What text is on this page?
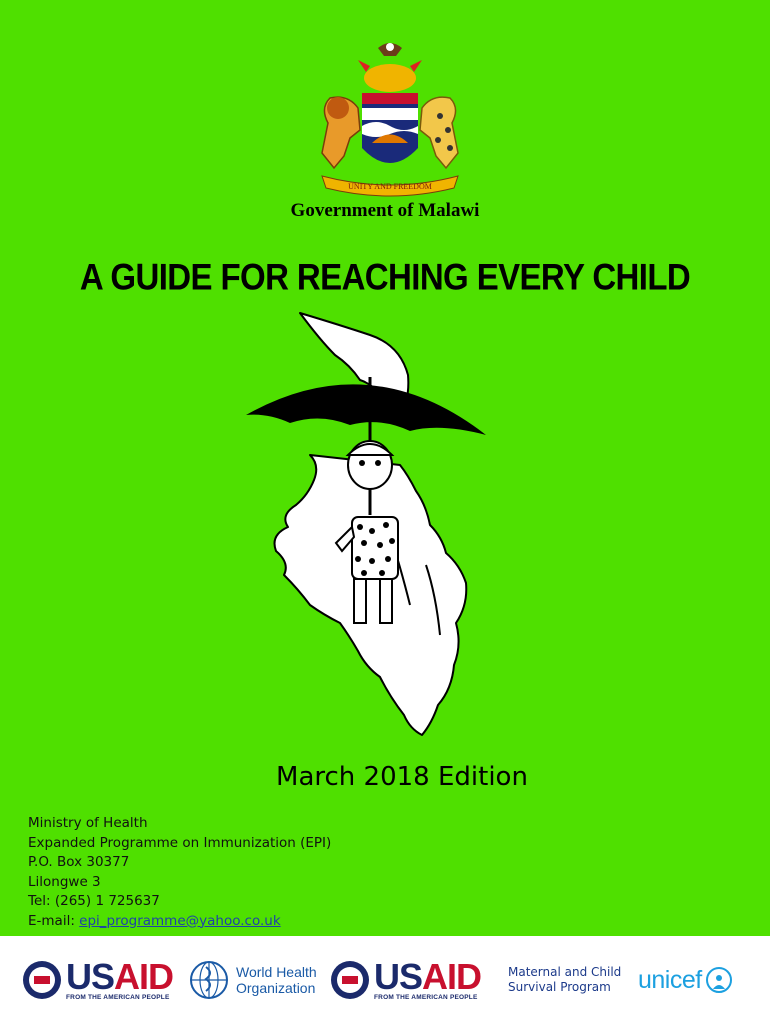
UNITY AND FREEDOM
Government of Malawi
A GUIDE FOR REACHING EVERY CHILD
March 2018 Edition
Ministry of Health
Expanded Programme on Immunization (EPI)
P.O. Box 30377
Lilongwe 3
Tel: (265) 1 725637
E-mail: epi_programme@yahoo.co.uk
USAID
FROM THE AMERICAN PEOPLE
World Health
Organization USAID
FROM THE AMERICAN PEOPLE
Maternal and Child
Survival Program	unicef
